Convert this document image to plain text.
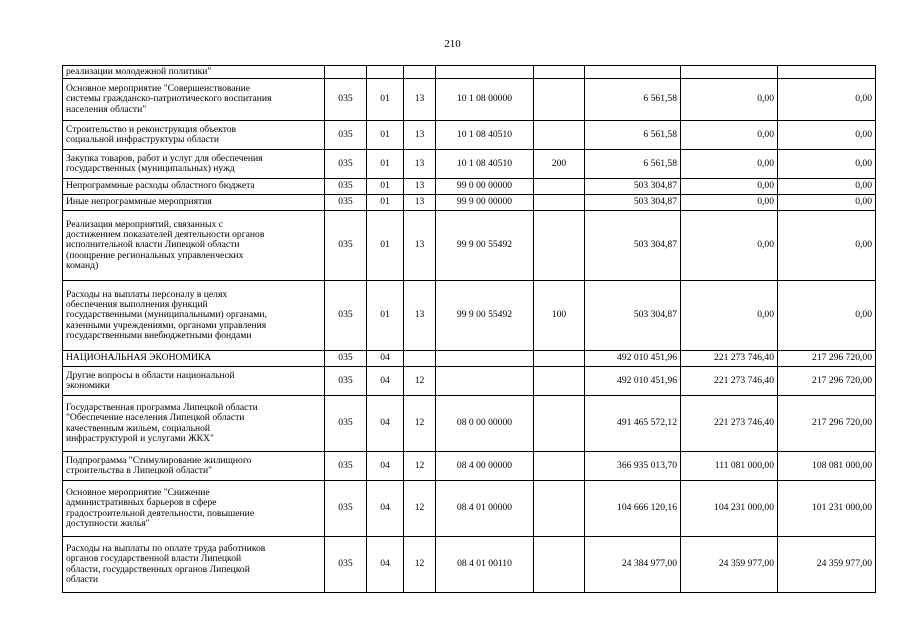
210
реализации молодежной политики"								
Основное мероприятие "Совершенствование
системы гражданско-патриотического воспитания
населения области"	035	01	13	10 1 08 00000		6 561,58	0,00	0,00
Строительство и реконструкция объектов
социальной инфраструктуры области	035	01	13	10 1 08 40510		6 561,58	0,00	0,00
Закупка товаров, работ и услуг для обеспечения
государственных (муниципальных) нужд	035	01	13	10 1 08 40510	200	6 561,58	0,00	0,00
Непрограммные расходы областного бюджета	035	01	13	99 0 00 00000		503 304,87	0,00	0,00
Иные непрограммные мероприятия	035	01	13	99 9 00 00000		503 304,87	0,00	0,00
Реализация мероприятий, связанных с
достижением показателей деятельности органов
исполнительной власти Липецкой области
(поощрение региональных управленческих
команд)	035	01	13	99 9 00 55492		503 304,87	0,00	0,00
Расходы на выплаты персоналу в целях
обеспечения выполнения функций
государственными (муниципальными) органами,
казенными учреждениями, органами управления
государственными внебюджетными фондами	035	01	13	99 9 00 55492	100	503 304,87	0,00	0,00
НАЦИОНАЛЬНАЯ ЭКОНОМИКА	035	04				492 010 451,96	221 273 746,40	217 296 720,00
Другие вопросы в области национальной
экономики	035	04	12			492 010 451,96	221 273 746,40	217 296 720,00
Государственная программа Липецкой области
"Обеспечение населения Липецкой области
качественным жильем, социальной
инфраструктурой и услугами ЖКХ"	035	04	12	08 0 00 00000		491 465 572,12	221 273 746,40	217 296 720,00
Подпрограмма "Стимулирование жилищного
строительства в Липецкой области"	035	04	12	08 4 00 00000		366 935 013,70	111 081 000,00	108 081 000,00
Основное мероприятие "Снижение
административных барьеров в сфере
градостроительной деятельности, повышение
доступности жилья"	035	04	12	08 4 01 00000		104 666 120,16	104 231 000,00	101 231 000,00
Расходы на выплаты по оплате труда работников
органов государственной власти Липецкой
области, государственных органов Липецкой
области	035	04	12	08 4 01 00110		24 384 977,00	24 359 977,00	24 359 977,00
